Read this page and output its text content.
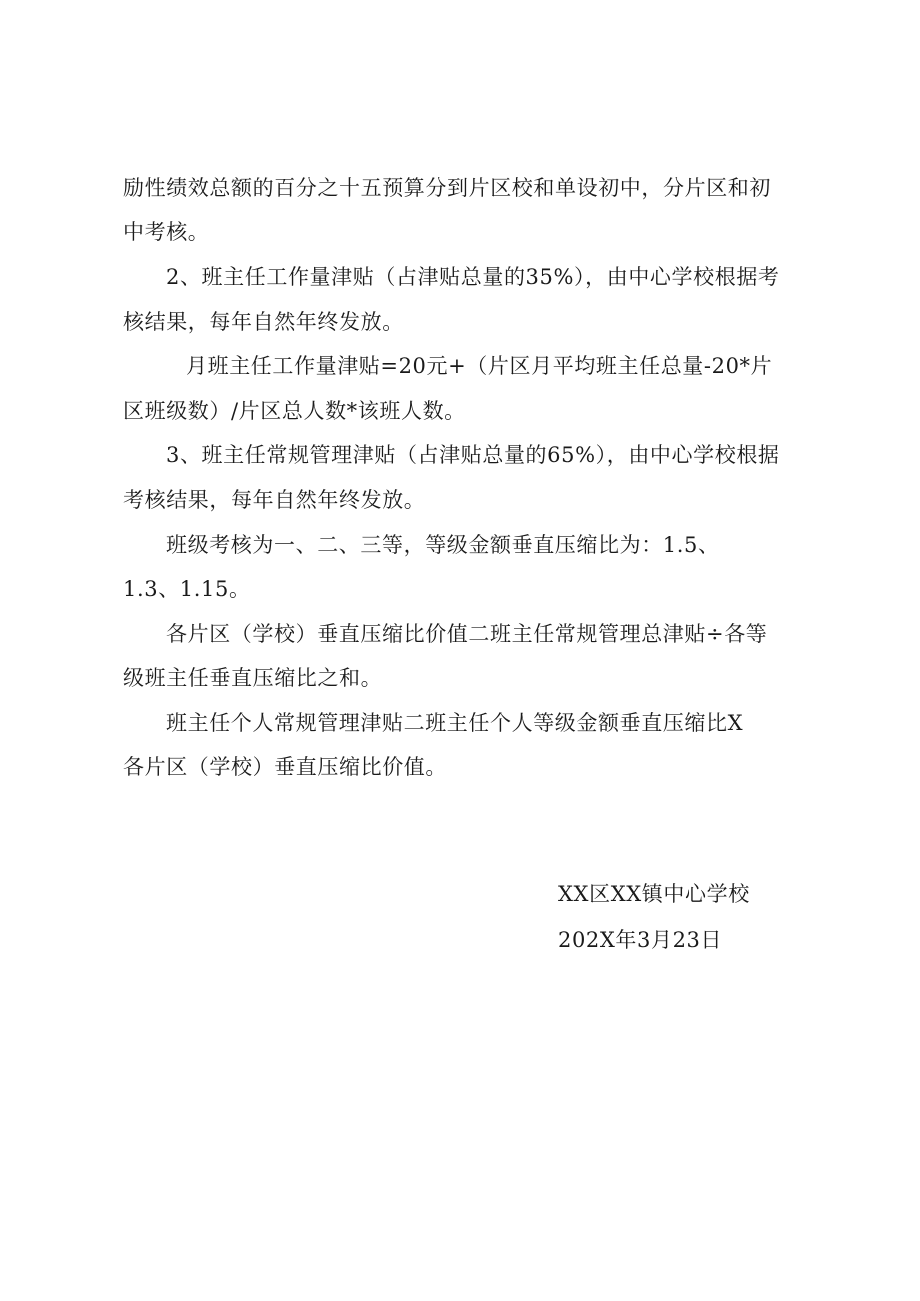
励性绩效总额的百分之十五预算分到片区校和单设初中，分片区和初
中考核。
2、班主任工作量津贴（占津贴总量的35%），由中心学校根据考
核结果，每年自然年终发放。
月班主任工作量津贴=20元+（片区月平均班主任总量-20*片
区班级数）/片区总人数*该班人数。
3、班主任常规管理津贴（占津贴总量的65%），由中心学校根据
考核结果，每年自然年终发放。
班级考核为一、二、三等，等级金额垂直压缩比为：1.5、
1.3、1.15。
各片区（学校）垂直压缩比价值二班主任常规管理总津贴÷各等
级班主任垂直压缩比之和。
班主任个人常规管理津贴二班主任个人等级金额垂直压缩比X
各片区（学校）垂直压缩比价值。
XX区XX镇中心学校
202X年3月23日
